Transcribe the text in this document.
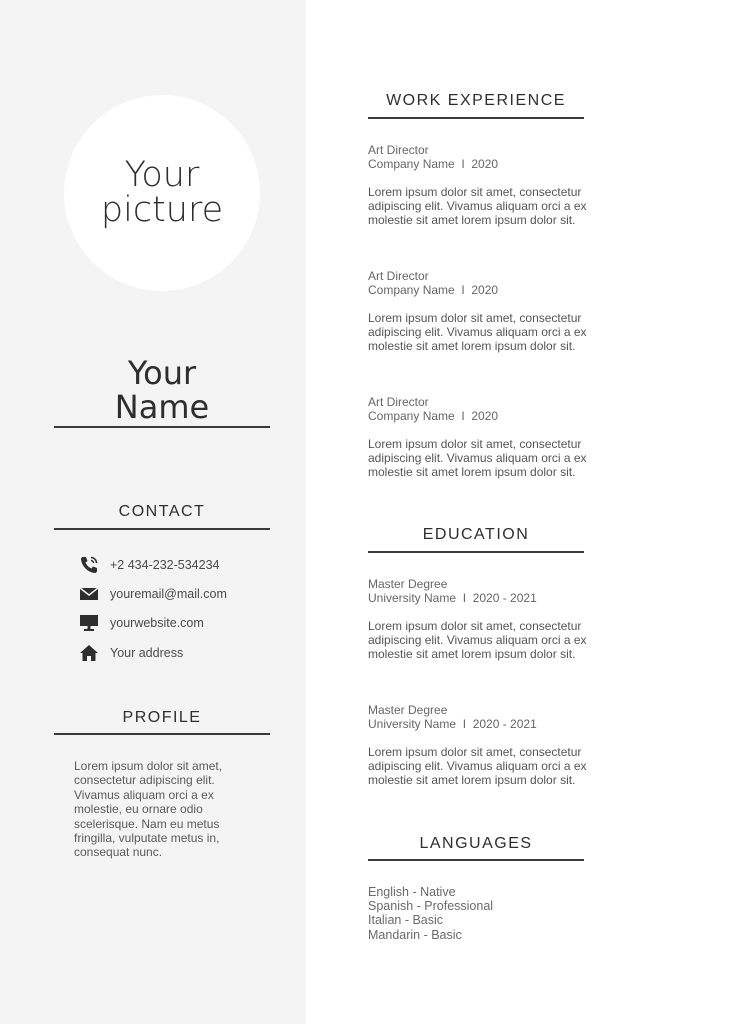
Your
picture
Your
Name
CONTACT
+2 434-232-534234
youremail@mail.com
yourwebsite.com
Your address
PROFILE
Lorem ipsum dolor sit amet, consectetur adipiscing elit. Vivamus aliquam orci a ex molestie, eu ornare odio scelerisque. Nam eu metus fringilla, vulputate metus in, consequat nunc.
WORK EXPERIENCE
Art Director
Company Name  I  2020
Lorem ipsum dolor sit amet, consectetur adipiscing elit. Vivamus aliquam orci a ex molestie sit amet lorem ipsum dolor sit.
Art Director
Company Name  I  2020
Lorem ipsum dolor sit amet, consectetur adipiscing elit. Vivamus aliquam orci a ex molestie sit amet lorem ipsum dolor sit.
Art Director
Company Name  I  2020
Lorem ipsum dolor sit amet, consectetur adipiscing elit. Vivamus aliquam orci a ex molestie sit amet lorem ipsum dolor sit.
EDUCATION
Master Degree
University Name  I  2020 - 2021
Lorem ipsum dolor sit amet, consectetur adipiscing elit. Vivamus aliquam orci a ex molestie sit amet lorem ipsum dolor sit.
Master Degree
University Name  I  2020 - 2021
Lorem ipsum dolor sit amet, consectetur adipiscing elit. Vivamus aliquam orci a ex molestie sit amet lorem ipsum dolor sit.
LANGUAGES
English - Native
Spanish - Professional
Italian - Basic
Mandarin - Basic
